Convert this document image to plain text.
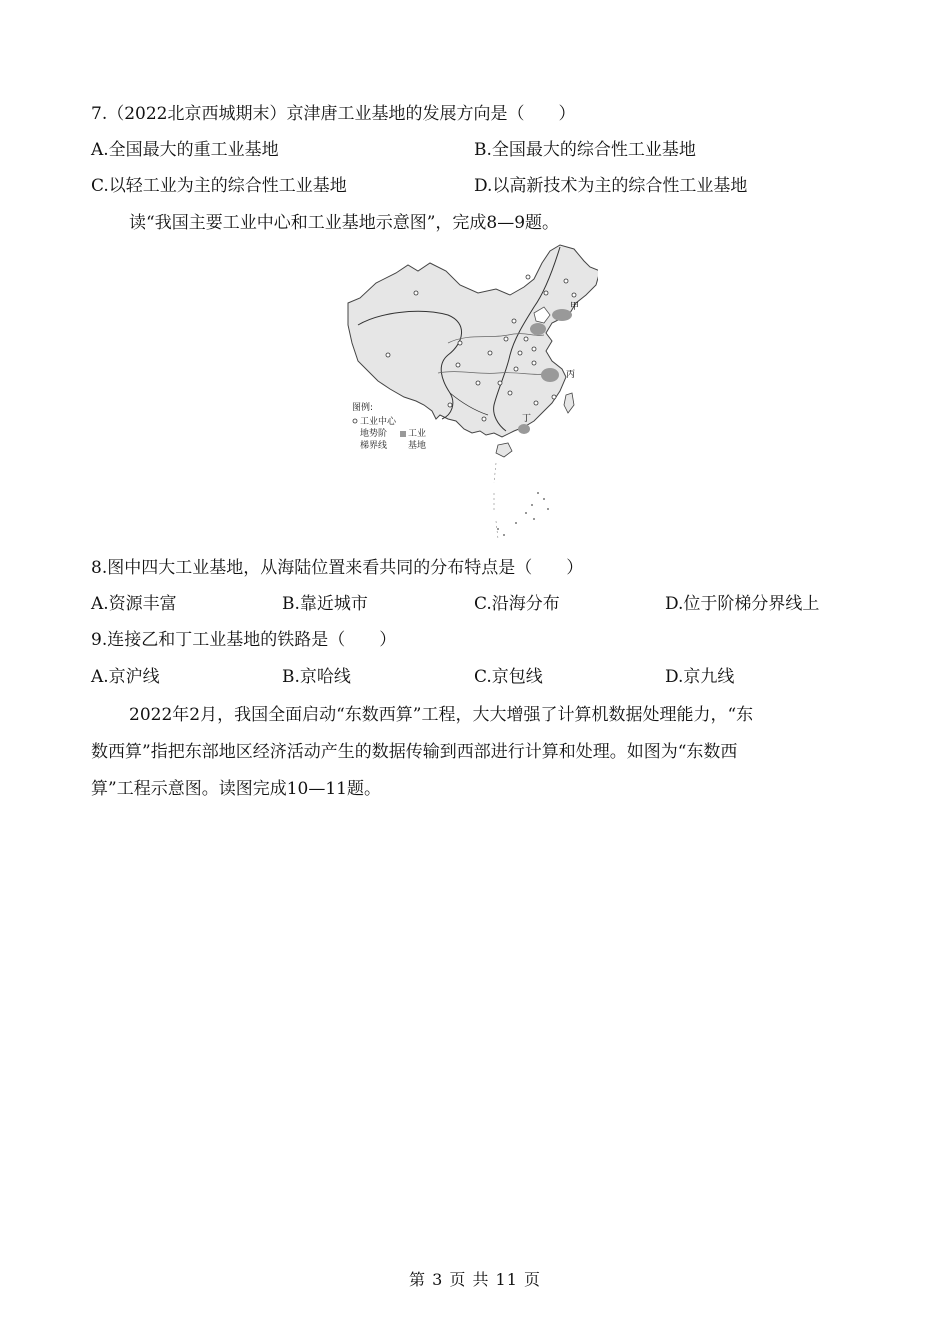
7.（2022北京西城期末）京津唐工业基地的发展方向是（　　）
A.全国最大的重工业基地	B.全国最大的综合性工业基地
C.以轻工业为主的综合性工业基地	D.以高新技术为主的综合性工业基地
读“我国主要工业中心和工业基地示意图”，完成8—9题。
甲
丙
丁
图例:
工业中心
地势阶
梯界线
工业
基地
8.图中四大工业基地，从海陆位置来看共同的分布特点是（　　）
A.资源丰富	B.靠近城市	C.沿海分布	D.位于阶梯分界线上
9.连接乙和丁工业基地的铁路是（　　）
A.京沪线	B.京哈线	C.京包线	D.京九线
2022年2月，我国全面启动“东数西算”工程，大大增强了计算机数据处理能力，“东
数西算”指把东部地区经济活动产生的数据传输到西部进行计算和处理。如图为“东数西
算”工程示意图。读图完成10—11题。
第 3 页 共 11 页
